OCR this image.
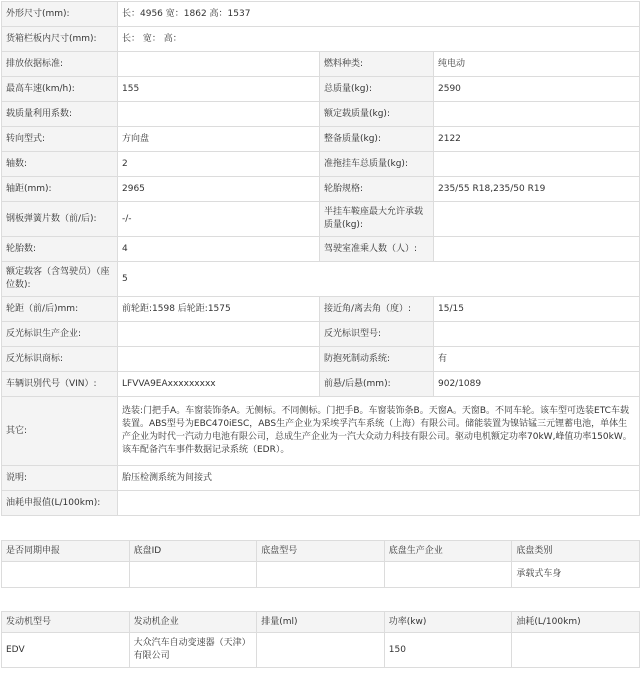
外形尺寸(mm):	长：4956 宽：1862 高：1537		
货箱栏板内尺寸(mm):	长： 宽： 高：		
排放依据标准:		燃料种类:	纯电动
最高车速(km/h):	155	总质量(kg):	2590
载质量利用系数:		额定载质量(kg):	
转向型式:	方向盘	整备质量(kg):	2122
轴数:	2	准拖挂车总质量(kg):	
轴距(mm):	2965	轮胎规格:	235/55 R18,235/50 R19
钢板弹簧片数（前/后):	-/-	半挂车鞍座最大允许承载质量(kg):	
轮胎数:	4	驾驶室准乘人数（人）:	
额定载客（含驾驶员）（座位数):	5		
轮距（前/后)mm:	前轮距:1598 后轮距:1575	接近角/离去角（度）:	15/15
反光标识生产企业:		反光标识型号:	
反光标识商标:		防抱死制动系统:	有
车辆识别代号（VIN）:	LFVVA9EAxxxxxxxxx	前悬/后悬(mm):	902/1089
其它:	选装:门把手A。车窗装饰条A。无侧标。不同侧标。门把手B。车窗装饰条B。天窗A。天窗B。不同车轮。该车型可选装ETC车载装置。ABS型号为EBC470iESC，ABS生产企业为采埃孚汽车系统（上海）有限公司。储能装置为镍钴锰三元锂蓄电池，单体生产企业为时代一汽动力电池有限公司，总成生产企业为一汽大众动力科技有限公司。驱动电机额定功率70kW,峰值功率150kW。该车配备汽车事件数据记录系统（EDR）。		
说明:	胎压检测系统为间接式		
油耗申报值(L/100km):			
是否同期申报	底盘ID	底盘型号	底盘生产企业	底盘类别
				承载式车身
发动机型号	发动机企业	排量(ml)	功率(kw)	油耗(L/100km)
EDV	大众汽车自动变速器（天津）有限公司		150	
